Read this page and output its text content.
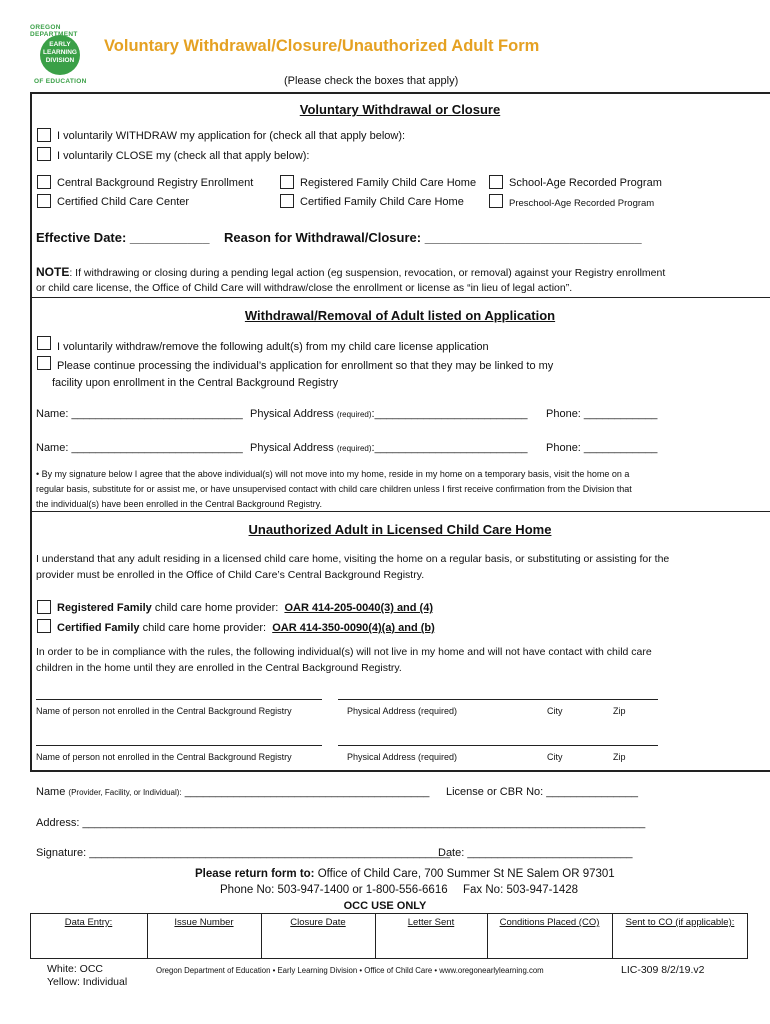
OREGON DEPARTMENT
OF EDUCATION
EARLY
LEARNING
DIVISION
Voluntary Withdrawal/Closure/Unauthorized Adult Form
(Please check the boxes that apply)
Voluntary Withdrawal or Closure
I voluntarily WITHDRAW my application for (check all that apply below):
I voluntarily CLOSE my (check all that apply below):
Central Background Registry Enrollment	Registered Family Child Care Home	School-Age Recorded Program
Certified Child Care Center	Certified Family Child Care Home	Preschool-Age Recorded Program
Effective Date: ___________ Reason for Withdrawal/Closure: ______________________________
NOTE: If withdrawing or closing during a pending legal action (eg suspension, revocation, or removal) against your Registry enrollment
or child care license, the Office of Child Care will withdraw/close the enrollment or license as “in lieu of legal action”.
Withdrawal/Removal of Adult listed on Application
I voluntarily withdraw/remove the following adult(s) from my child care license application
Please continue processing the individual’s application for enrollment so that they may be linked to my
facility upon enrollment in the Central Background Registry
Name: ____________________________ Physical Address (required):_________________________ Phone: ____________
Name: ____________________________ Physical Address (required):_________________________ Phone: ____________
• By my signature below I agree that the above individual(s) will not move into my home, reside in my home on a temporary basis, visit the home on a
regular basis, substitute for or assist me, or have unsupervised contact with child care children unless I first receive confirmation from the Division that
the individual(s) have been enrolled in the Central Background Registry.
Unauthorized Adult in Licensed Child Care Home
I understand that any adult residing in a licensed child care home, visiting the home on a regular basis, or substituting or assisting for the
provider must be enrolled in the Office of Child Care’s Central Background Registry.
Registered Family child care home provider:  OAR 414-205-0040(3) and (4)
Certified Family child care home provider:  OAR 414-350-0090(4)(a) and (b)
In order to be in compliance with the rules, the following individual(s) will not live in my home and will not have contact with child care
children in the home until they are enrolled in the Central Background Registry.
Name of person not enrolled in the Central Background Registry	Physical Address (required)	City	Zip
Name of person not enrolled in the Central Background Registry	Physical Address (required)	City	Zip
Name (Provider, Facility, or Individual): ________________________________________ License or CBR No: _______________
Address: ____________________________________________________________________________________________
Signature: ___________________________________________________________
Date: ___________________________
Please return form to: Office of Child Care, 700 Summer St NE Salem OR 97301
Phone No: 503-947-1400 or 1-800-556-6616 Fax No: 503-947-1428
OCC USE ONLY
Data Entry:	Issue Number	Closure Date	Letter Sent	Conditions Placed (CO)	Sent to CO (if applicable):
White: OCC
Yellow: Individual
Oregon Department of Education • Early Learning Division • Office of Child Care • www.oregonearlylearning.com	LIC-309 8/2/19.v2
